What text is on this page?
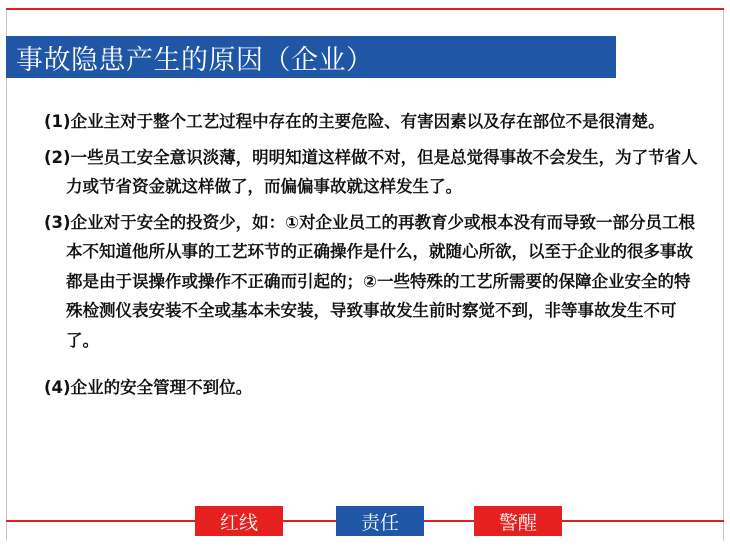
事故隐患产生的原因（企业）

(1)企业主对于整个工艺过程中存在的主要危险、有害因素以及存在部位不是很清楚。

(2)一些员工安全意识淡薄，明明知道这样做不对，但是总觉得事故不会发生，为了节省人力或节省资金就这样做了，而偏偏事故就这样发生了。

(3)企业对于安全的投资少，如：①对企业员工的再教育少或根本没有而导致一部分员工根本不知道他所从事的工艺环节的正确操作是什么，就随心所欲，以至于企业的很多事故都是由于误操作或操作不正确而引起的；②一些特殊的工艺所需要的保障企业安全的特殊检测仪表安装不全或基本未安装，导致事故发生前时察觉不到，非等事故发生不可了。

(4)企业的安全管理不到位。

红线	责任	警醒
